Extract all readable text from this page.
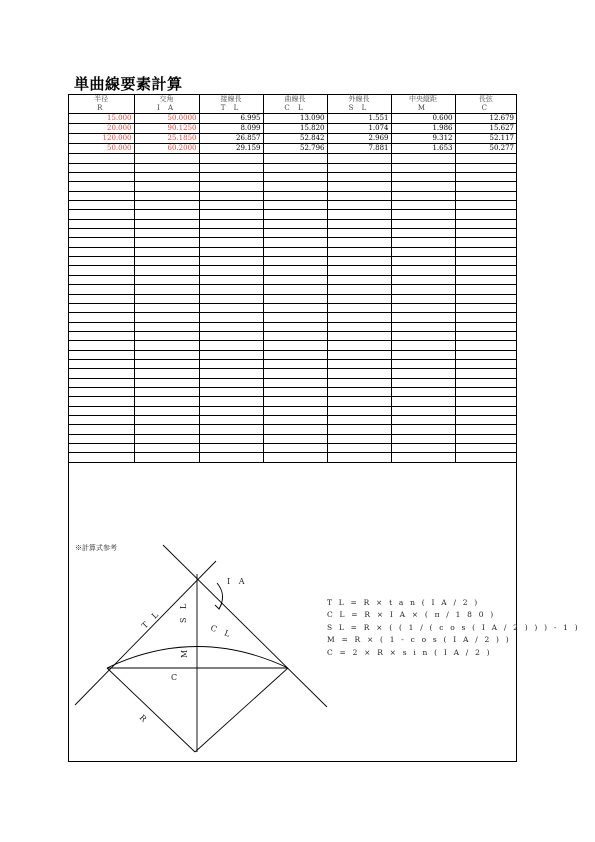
単曲線要素計算
半径	交角	接線長	曲線長	外線長	中央縦距	長弦
R	I A	T L	C L	S L	M	C
15.000	50.0000	6.995	13.090	1.551	0.600	12.679
20.000	90.1250	8.099	15.820	1.074	1.986	15.627
120.000	25.1850	26.857	52.842	2.969	9.312	52.117
50.000	60.2000	29.159	52.796	7.881	1.653	50.277

※計算式参考
I A
T L S L
C L
M
C
R
T L = R × t a n ( I A / 2 )
C L = R × I A × ( π / 1 8 0 )
S L = R × ( ( 1 / ( c o s ( I A / 2 ) ) ) - 1 )
M = R × ( 1 - c o s ( I A / 2 ) )
C = 2 × R × s i n ( I A / 2 )
